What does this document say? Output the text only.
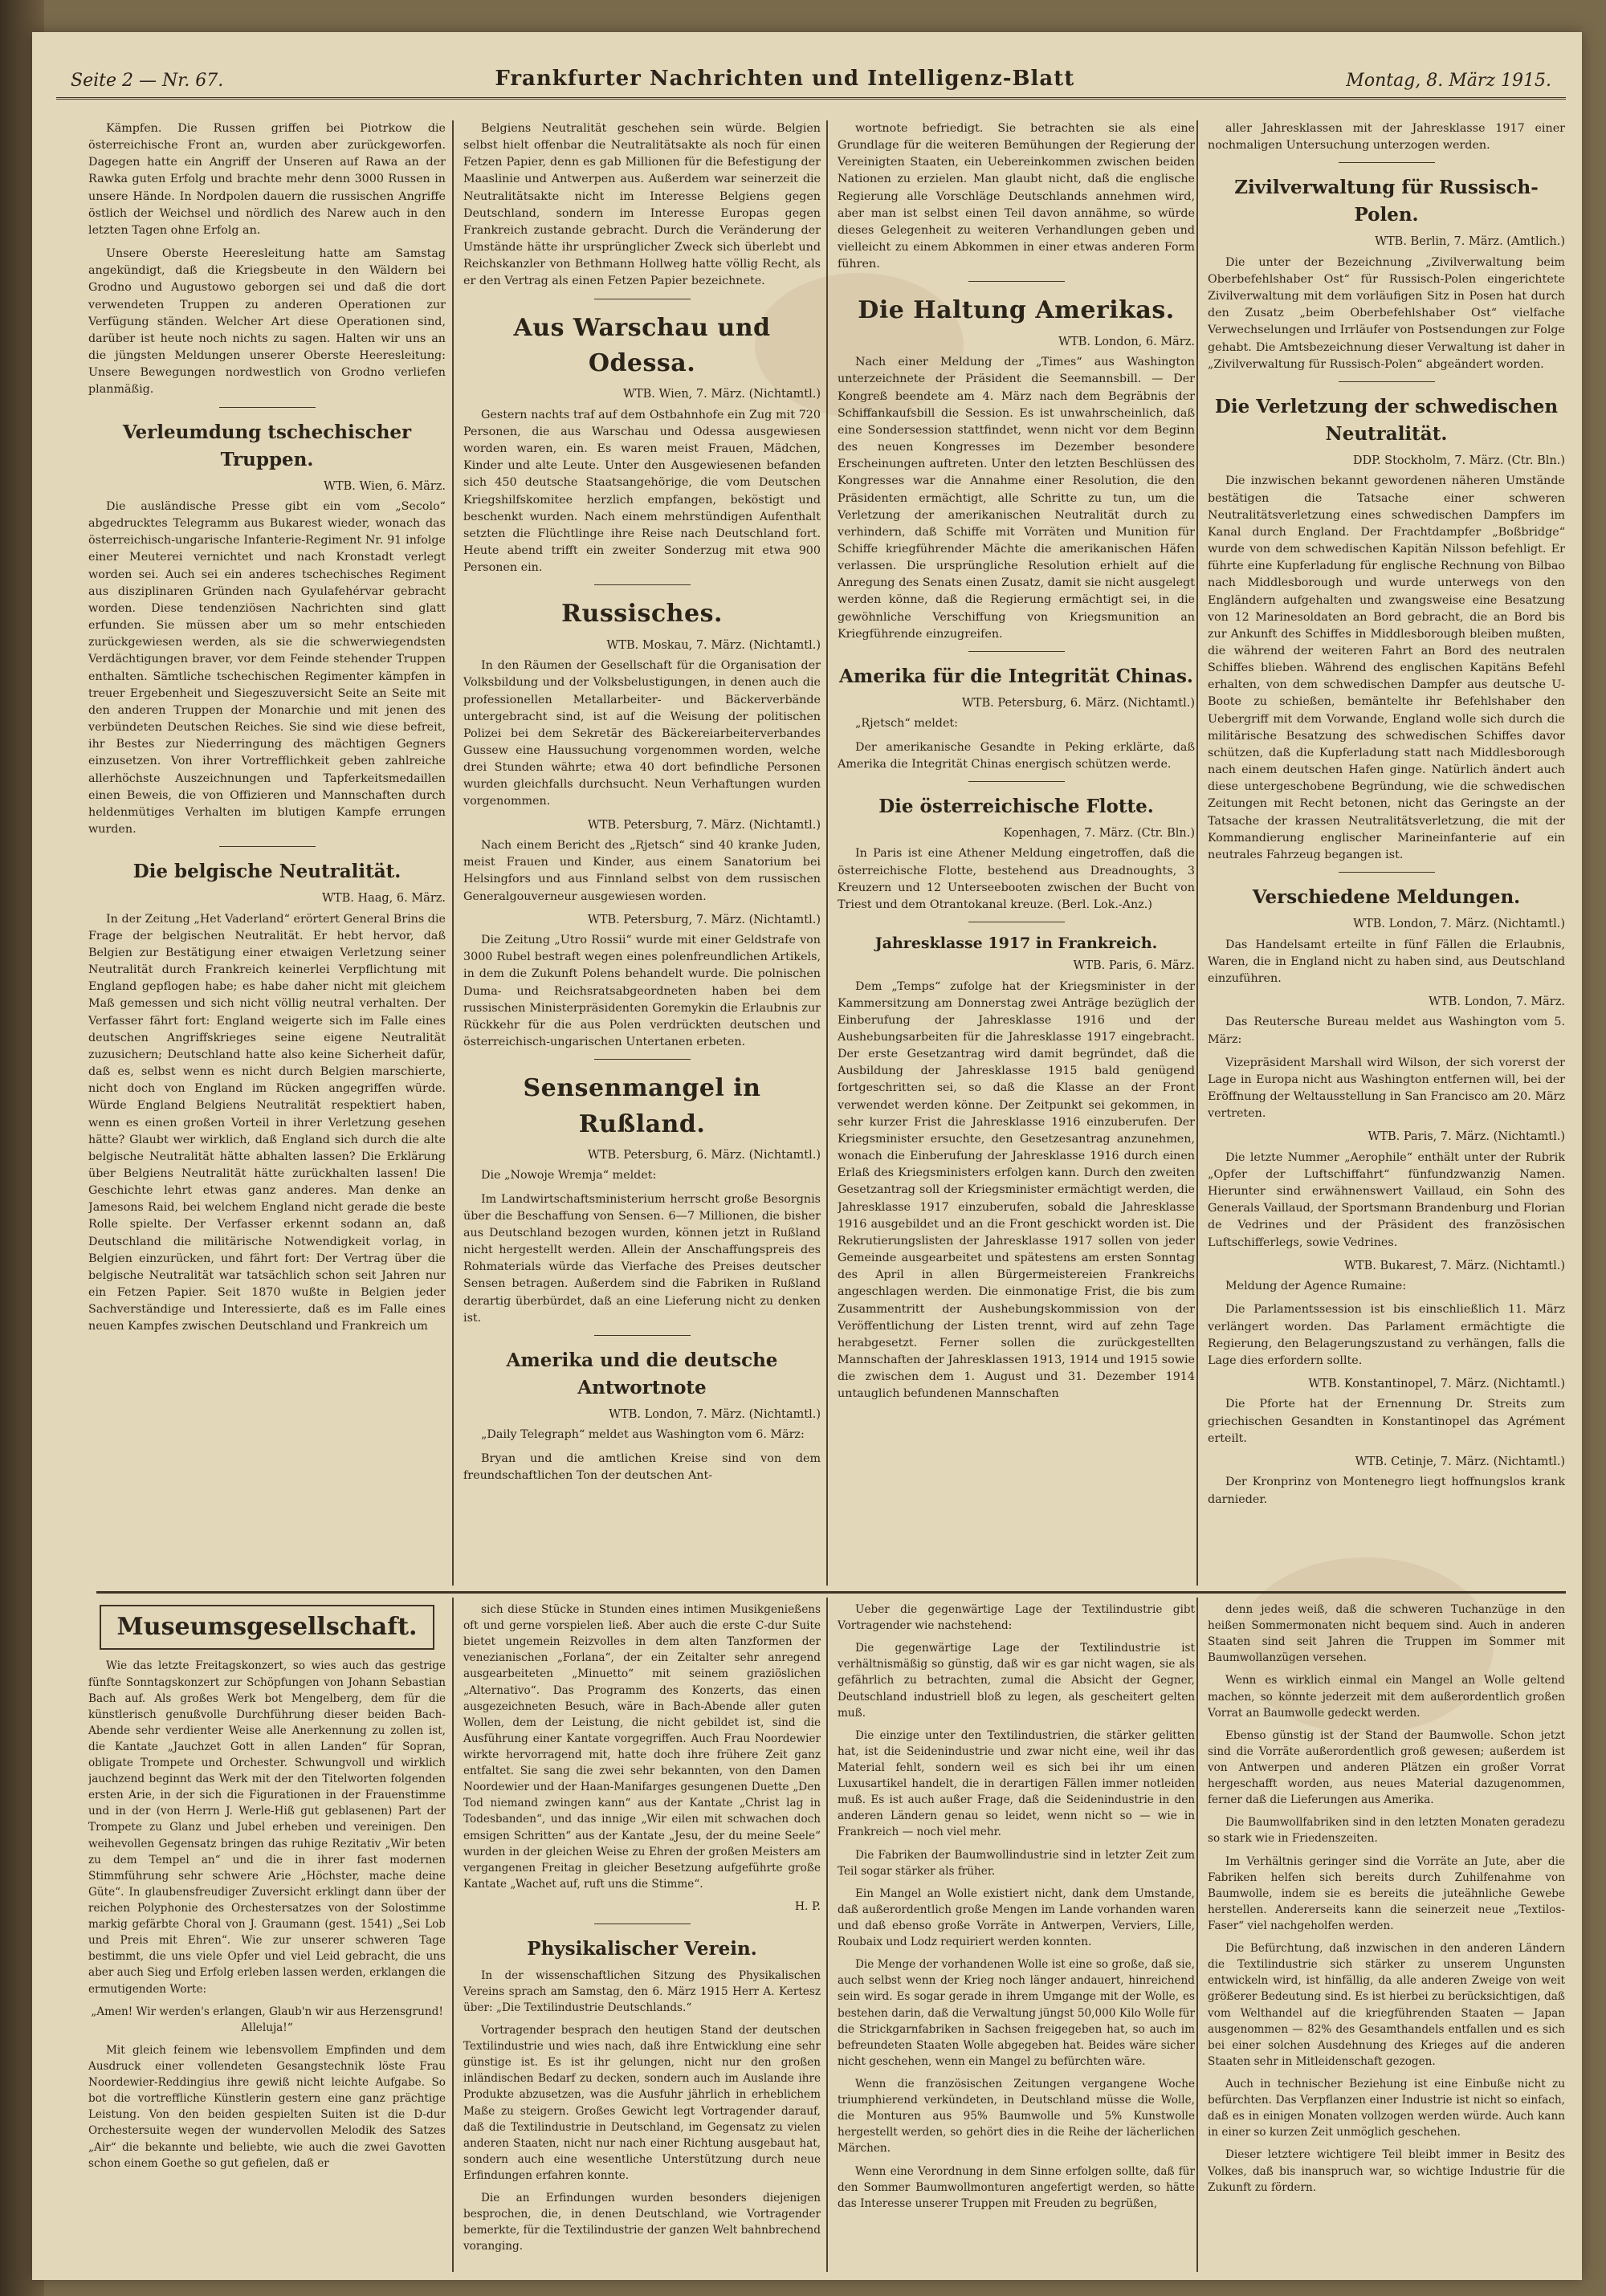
Seite 2 — Nr. 67.	Frankfurter Nachrichten und Intelligenz-Blatt	Montag, 8. März 1915.

Kämpfen. Die Russen griffen bei Piotrkow die österreichische Front an, wurden aber zurückgeworfen. Dagegen hatte ein Angriff der Unseren auf Rawa an der Rawka guten Erfolg und brachte mehr denn 3000 Russen in unsere Hände. In Nordpolen dauern die russischen Angriffe östlich der Weichsel und nördlich des Narew auch in den letzten Tagen ohne Erfolg an.

Unsere Oberste Heeresleitung hatte am Samstag angekündigt, daß die Kriegsbeute in den Wäldern bei Grodno und Augustowo geborgen sei und daß die dort verwendeten Truppen zu anderen Operationen zur Verfügung ständen. Welcher Art diese Operationen sind, darüber ist heute noch nichts zu sagen. Halten wir uns an die jüngsten Meldungen unserer Oberste Heeresleitung: Unsere Bewegungen nordwestlich von Grodno verliefen planmäßig.

Verleumdung tschechischer Truppen.
WTB. Wien, 6. März.

Die ausländische Presse gibt ein vom „Secolo“ abgedrucktes Telegramm aus Bukarest wieder, wonach das österreichisch-ungarische Infanterie-Regiment Nr. 91 infolge einer Meuterei vernichtet und nach Kronstadt verlegt worden sei. Auch sei ein anderes tschechisches Regiment aus disziplinaren Gründen nach Gyulafehérvar gebracht worden. Diese tendenziösen Nachrichten sind glatt erfunden. Sie müssen aber um so mehr entschieden zurückgewiesen werden, als sie die schwerwiegendsten Verdächtigungen braver, vor dem Feinde stehender Truppen enthalten. Sämtliche tschechischen Regimenter kämpfen in treuer Ergebenheit und Siegeszuversicht Seite an Seite mit den anderen Truppen der Monarchie und mit jenen des verbündeten Deutschen Reiches. Sie sind wie diese befreit, ihr Bestes zur Niederringung des mächtigen Gegners einzusetzen. Von ihrer Vortrefflichkeit geben zahlreiche allerhöchste Auszeichnungen und Tapferkeitsmedaillen einen Beweis, die von Offizieren und Mannschaften durch heldenmütiges Verhalten im blutigen Kampfe errungen wurden.

Die belgische Neutralität.
WTB. Haag, 6. März.

In der Zeitung „Het Vaderland“ erörtert General Brins die Frage der belgischen Neutralität. Er hebt hervor, daß Belgien zur Bestätigung einer etwaigen Verletzung seiner Neutralität durch Frankreich keinerlei Verpflichtung mit England gepflogen habe; es habe daher nicht mit gleichem Maß gemessen und sich nicht völlig neutral verhalten. Der Verfasser fährt fort: England weigerte sich im Falle eines deutschen Angriffskrieges seine eigene Neutralität zuzusichern; Deutschland hatte also keine Sicherheit dafür, daß es, selbst wenn es nicht durch Belgien marschierte, nicht doch von England im Rücken angegriffen würde. Würde England Belgiens Neutralität respektiert haben, wenn es einen großen Vorteil in ihrer Verletzung gesehen hätte? Glaubt wer wirklich, daß England sich durch die alte belgische Neutralität hätte abhalten lassen? Die Erklärung über Belgiens Neutralität hätte zurückhalten lassen! Die Geschichte lehrt etwas ganz anderes. Man denke an Jamesons Raid, bei welchem England nicht gerade die beste Rolle spielte. Der Verfasser erkennt sodann an, daß Deutschland die militärische Notwendigkeit vorlag, in Belgien einzurücken, und fährt fort: Der Vertrag über die belgische Neutralität war tatsächlich schon seit Jahren nur ein Fetzen Papier. Seit 1870 wußte in Belgien jeder Sachverständige und Interessierte, daß es im Falle eines neuen Kampfes zwischen Deutschland und Frankreich um

Belgiens Neutralität geschehen sein würde. Belgien selbst hielt offenbar die Neutralitätsakte als noch für einen Fetzen Papier, denn es gab Millionen für die Befestigung der Maaslinie und Antwerpen aus. Außerdem war seinerzeit die Neutralitätsakte nicht im Interesse Belgiens gegen Deutschland, sondern im Interesse Europas gegen Frankreich zustande gebracht. Durch die Veränderung der Umstände hätte ihr ursprünglicher Zweck sich überlebt und Reichskanzler von Bethmann Hollweg hatte völlig Recht, als er den Vertrag als einen Fetzen Papier bezeichnete.

Aus Warschau und Odessa.
WTB. Wien, 7. März. (Nichtamtl.)

Gestern nachts traf auf dem Ostbahnhofe ein Zug mit 720 Personen, die aus Warschau und Odessa ausgewiesen worden waren, ein. Es waren meist Frauen, Mädchen, Kinder und alte Leute. Unter den Ausgewiesenen befanden sich 450 deutsche Staatsangehörige, die vom Deutschen Kriegshilfskomitee herzlich empfangen, beköstigt und beschenkt wurden. Nach einem mehrstündigen Aufenthalt setzten die Flüchtlinge ihre Reise nach Deutschland fort. Heute abend trifft ein zweiter Sonderzug mit etwa 900 Personen ein.

Russisches.
WTB. Moskau, 7. März. (Nichtamtl.)

In den Räumen der Gesellschaft für die Organisation der Volksbildung und der Volksbelustigungen, in denen auch die professionellen Metallarbeiter- und Bäckerverbände untergebracht sind, ist auf die Weisung der politischen Polizei bei dem Sekretär des Bäckereiarbeiterverbandes Gussew eine Haussuchung vorgenommen worden, welche drei Stunden währte; etwa 40 dort befindliche Personen wurden gleichfalls durchsucht. Neun Verhaftungen wurden vorgenommen.

WTB. Petersburg, 7. März. (Nichtamtl.)

Nach einem Bericht des „Rjetsch“ sind 40 kranke Juden, meist Frauen und Kinder, aus einem Sanatorium bei Helsingfors und aus Finnland selbst von dem russischen Generalgouverneur ausgewiesen worden.

WTB. Petersburg, 7. März. (Nichtamtl.)

Die Zeitung „Utro Rossii“ wurde mit einer Geldstrafe von 3000 Rubel bestraft wegen eines polenfreundlichen Artikels, in dem die Zukunft Polens behandelt wurde. Die polnischen Duma- und Reichsratsabgeordneten haben bei dem russischen Ministerpräsidenten Goremykin die Erlaubnis zur Rückkehr für die aus Polen verdrückten deutschen und österreichisch-ungarischen Untertanen erbeten.

Sensenmangel in Rußland.
WTB. Petersburg, 6. März. (Nichtamtl.)

Die „Nowoje Wremja“ meldet:

Im Landwirtschaftsministerium herrscht große Besorgnis über die Beschaffung von Sensen. 6—7 Millionen, die bisher aus Deutschland bezogen wurden, können jetzt in Rußland nicht hergestellt werden. Allein der Anschaffungspreis des Rohmaterials würde das Vierfache des Preises deutscher Sensen betragen. Außerdem sind die Fabriken in Rußland derartig überbürdet, daß an eine Lieferung nicht zu denken ist.

Amerika und die deutsche Antwortnote
WTB. London, 7. März. (Nichtamtl.)

„Daily Telegraph“ meldet aus Washington vom 6. März:

Bryan und die amtlichen Kreise sind von dem freundschaftlichen Ton der deutschen Ant-

wortnote befriedigt. Sie betrachten sie als eine Grundlage für die weiteren Bemühungen der Regierung der Vereinigten Staaten, ein Uebereinkommen zwischen beiden Nationen zu erzielen. Man glaubt nicht, daß die englische Regierung alle Vorschläge Deutschlands annehmen wird, aber man ist selbst einen Teil davon annähme, so würde dieses Gelegenheit zu weiteren Verhandlungen geben und vielleicht zu einem Abkommen in einer etwas anderen Form führen.

Die Haltung Amerikas.
WTB. London, 6. März.

Nach einer Meldung der „Times“ aus Washington unterzeichnete der Präsident die Seemannsbill. — Der Kongreß beendete am 4. März nach dem Begräbnis der Schiffankaufsbill die Session. Es ist unwahrscheinlich, daß eine Sondersession stattfindet, wenn nicht vor dem Beginn des neuen Kongresses im Dezember besondere Erscheinungen auftreten. Unter den letzten Beschlüssen des Kongresses war die Annahme einer Resolution, die den Präsidenten ermächtigt, alle Schritte zu tun, um die Verletzung der amerikanischen Neutralität durch zu verhindern, daß Schiffe mit Vorräten und Munition für Schiffe kriegführender Mächte die amerikanischen Häfen verlassen. Die ursprüngliche Resolution erhielt auf die Anregung des Senats einen Zusatz, damit sie nicht ausgelegt werden könne, daß die Regierung ermächtigt sei, in die gewöhnliche Verschiffung von Kriegsmunition an Kriegführende einzugreifen.

Amerika für die Integrität Chinas.
WTB. Petersburg, 6. März. (Nichtamtl.)

„Rjetsch“ meldet:

Der amerikanische Gesandte in Peking erklärte, daß Amerika die Integrität Chinas energisch schützen werde.

Die österreichische Flotte.
Kopenhagen, 7. März. (Ctr. Bln.)

In Paris ist eine Athener Meldung eingetroffen, daß die österreichische Flotte, bestehend aus Dreadnoughts, 3 Kreuzern und 12 Unterseebooten zwischen der Bucht von Triest und dem Otrantokanal kreuze. (Berl. Lok.-Anz.)

Jahresklasse 1917 in Frankreich.
WTB. Paris, 6. März.

Dem „Temps“ zufolge hat der Kriegsminister in der Kammersitzung am Donnerstag zwei Anträge bezüglich der Einberufung der Jahresklasse 1916 und der Aushebungsarbeiten für die Jahresklasse 1917 eingebracht. Der erste Gesetzantrag wird damit begründet, daß die Ausbildung der Jahresklasse 1915 bald genügend fortgeschritten sei, so daß die Klasse an der Front verwendet werden könne. Der Zeitpunkt sei gekommen, in sehr kurzer Frist die Jahresklasse 1916 einzuberufen. Der Kriegsminister ersuchte, den Gesetzesantrag anzunehmen, wonach die Einberufung der Jahresklasse 1916 durch einen Erlaß des Kriegsministers erfolgen kann. Durch den zweiten Gesetzantrag soll der Kriegsminister ermächtigt werden, die Jahresklasse 1917 einzuberufen, sobald die Jahresklasse 1916 ausgebildet und an die Front geschickt worden ist. Die Rekrutierungslisten der Jahresklasse 1917 sollen von jeder Gemeinde ausgearbeitet und spätestens am ersten Sonntag des April in allen Bürgermeistereien Frankreichs angeschlagen werden. Die einmonatige Frist, die bis zum Zusammentritt der Aushebungskommission von der Veröffentlichung der Listen trennt, wird auf zehn Tage herabgesetzt. Ferner sollen die zurückgestellten Mannschaften der Jahresklassen 1913, 1914 und 1915 sowie die zwischen dem 1. August und 31. Dezember 1914 untauglich befundenen Mannschaften

aller Jahresklassen mit der Jahresklasse 1917 einer nochmaligen Untersuchung unterzogen werden.

Zivilverwaltung für Russisch-Polen.
WTB. Berlin, 7. März. (Amtlich.)

Die unter der Bezeichnung „Zivilverwaltung beim Oberbefehlshaber Ost“ für Russisch-Polen eingerichtete Zivilverwaltung mit dem vorläufigen Sitz in Posen hat durch den Zusatz „beim Oberbefehlshaber Ost“ vielfache Verwechselungen und Irrläufer von Postsendungen zur Folge gehabt. Die Amtsbezeichnung dieser Verwaltung ist daher in „Zivilverwaltung für Russisch-Polen“ abgeändert worden.

Die Verletzung der schwedischen Neutralität.
DDP. Stockholm, 7. März. (Ctr. Bln.)

Die inzwischen bekannt gewordenen näheren Umstände bestätigen die Tatsache einer schweren Neutralitätsverletzung eines schwedischen Dampfers im Kanal durch England. Der Frachtdampfer „Boßbridge“ wurde von dem schwedischen Kapitän Nilsson befehligt. Er führte eine Kupferladung für englische Rechnung von Bilbao nach Middlesborough und wurde unterwegs von den Engländern aufgehalten und zwangsweise eine Besatzung von 12 Marinesoldaten an Bord gebracht, die an Bord bis zur Ankunft des Schiffes in Middlesborough bleiben mußten, die während der weiteren Fahrt an Bord des neutralen Schiffes blieben. Während des englischen Kapitäns Befehl erhalten, von dem schwedischen Dampfer aus deutsche U-Boote zu schießen, bemäntelte ihr Befehlshaber den Uebergriff mit dem Vorwande, England wolle sich durch die militärische Besatzung des schwedischen Schiffes davor schützen, daß die Kupferladung statt nach Middlesborough nach einem deutschen Hafen ginge. Natürlich ändert auch diese untergeschobene Begründung, wie die schwedischen Zeitungen mit Recht betonen, nicht das Geringste an der Tatsache der krassen Neutralitätsverletzung, die mit der Kommandierung englischer Marineinfanterie auf ein neutrales Fahrzeug begangen ist.

Verschiedene Meldungen.
WTB. London, 7. März. (Nichtamtl.)

Das Handelsamt erteilte in fünf Fällen die Erlaubnis, Waren, die in England nicht zu haben sind, aus Deutschland einzuführen.

WTB. London, 7. März.

Das Reutersche Bureau meldet aus Washington vom 5. März:

Vizepräsident Marshall wird Wilson, der sich vorerst der Lage in Europa nicht aus Washington entfernen will, bei der Eröffnung der Weltausstellung in San Francisco am 20. März vertreten.

WTB. Paris, 7. März. (Nichtamtl.)

Die letzte Nummer „Aerophile“ enthält unter der Rubrik „Opfer der Luftschiffahrt“ fünfundzwanzig Namen. Hierunter sind erwähnenswert Vaillaud, ein Sohn des Generals Vaillaud, der Sportsmann Brandenburg und Florian de Vedrines und der Präsident des französischen Luftschifferlegs, sowie Vedrines.

WTB. Bukarest, 7. März. (Nichtamtl.)

Meldung der Agence Rumaine:

Die Parlamentssession ist bis einschließlich 11. März verlängert worden. Das Parlament ermächtigte die Regierung, den Belagerungszustand zu verhängen, falls die Lage dies erfordern sollte.

WTB. Konstantinopel, 7. März. (Nichtamtl.)

Die Pforte hat der Ernennung Dr. Streits zum griechischen Gesandten in Konstantinopel das Agrément erteilt.

WTB. Cetinje, 7. März. (Nichtamtl.)

Der Kronprinz von Montenegro liegt hoffnungslos krank darnieder.

Museumsgesellschaft.

Wie das letzte Freitagskonzert, so wies auch das gestrige fünfte Sonntagskonzert zur Schöpfungen von Johann Sebastian Bach auf. Als großes Werk bot Mengelberg, dem für die künstlerisch genußvolle Durchführung dieser beiden Bach-Abende sehr verdienter Weise alle Anerkennung zu zollen ist, die Kantate „Jauchzet Gott in allen Landen“ für Sopran, obligate Trompete und Orchester. Schwungvoll und wirklich jauchzend beginnt das Werk mit der den Titelworten folgenden ersten Arie, in der sich die Figurationen in der Frauenstimme und in der (von Herrn J. Werle-Hiß gut geblasenen) Part der Trompete zu Glanz und Jubel erheben und vereinigen. Den weihevollen Gegensatz bringen das ruhige Rezitativ „Wir beten zu dem Tempel an“ und die in ihrer fast modernen Stimmführung sehr schwere Arie „Höchster, mache deine Güte“. In glaubensfreudiger Zuversicht erklingt dann über der reichen Polyphonie des Orchestersatzes von der Solostimme markig gefärbte Choral von J. Graumann (gest. 1541) „Sei Lob und Preis mit Ehren“. Wie zur unserer schweren Tage bestimmt, die uns viele Opfer und viel Leid gebracht, die uns aber auch Sieg und Erfolg erleben lassen werden, erklangen die ermutigenden Worte:

„Amen! Wir werden's erlangen, Glaub'n wir aus Herzensgrund! Alleluja!“

Mit gleich feinem wie lebensvollem Empfinden und dem Ausdruck einer vollendeten Gesangstechnik löste Frau Noordewier-Reddingius ihre gewiß nicht leichte Aufgabe. So bot die vortreffliche Künstlerin gestern eine ganz prächtige Leistung. Von den beiden gespielten Suiten ist die D-dur Orchestersuite wegen der wundervollen Melodik des Satzes „Air“ die bekannte und beliebte, wie auch die zwei Gavotten schon einem Goethe so gut gefielen, daß er

sich diese Stücke in Stunden eines intimen Musikgenießens oft und gerne vorspielen ließ. Aber auch die erste C-dur Suite bietet ungemein Reizvolles in dem alten Tanzformen der venezianischen „Forlana“, der ein Zeitalter sehr anregend ausgearbeiteten „Minuetto“ mit seinem graziöslichen „Alternativo“. Das Programm des Konzerts, das einen ausgezeichneten Besuch, wäre in Bach-Abende aller guten Wollen, dem der Leistung, die nicht gebildet ist, sind die Ausführung einer Kantate vorgegriffen. Auch Frau Noordewier wirkte hervorragend mit, hatte doch ihre frühere Zeit ganz entfaltet. Sie sang die zwei sehr bekannten, von den Damen Noordewier und der Haan-Manifarges gesungenen Duette „Den Tod niemand zwingen kann“ aus der Kantate „Christ lag in Todesbanden“, und das innige „Wir eilen mit schwachen doch emsigen Schritten“ aus der Kantate „Jesu, der du meine Seele“ wurden in der gleichen Weise zu Ehren der großen Meisters am vergangenen Freitag in gleicher Besetzung aufgeführte große Kantate „Wachet auf, ruft uns die Stimme“.

H. P.
Physikalischer Verein.

In der wissenschaftlichen Sitzung des Physikalischen Vereins sprach am Samstag, den 6. März 1915 Herr A. Kertesz über: „Die Textilindustrie Deutschlands.“

Vortragender besprach den heutigen Stand der deutschen Textilindustrie und wies nach, daß ihre Entwicklung eine sehr günstige ist. Es ist ihr gelungen, nicht nur den großen inländischen Bedarf zu decken, sondern auch im Auslande ihre Produkte abzusetzen, was die Ausfuhr jährlich in erheblichem Maße zu steigern. Großes Gewicht legt Vortragender darauf, daß die Textilindustrie in Deutschland, im Gegensatz zu vielen anderen Staaten, nicht nur nach einer Richtung ausgebaut hat, sondern auch eine wesentliche Unterstützung durch neue Erfindungen erfahren konnte.

Die an Erfindungen wurden besonders diejenigen besprochen, die, in denen Deutschland, wie Vortragender bemerkte, für die Textilindustrie der ganzen Welt bahnbrechend voranging.

Ueber die gegenwärtige Lage der Textilindustrie gibt Vortragender wie nachstehend:

Die gegenwärtige Lage der Textilindustrie ist verhältnismäßig so günstig, daß wir es gar nicht wagen, sie als gefährlich zu betrachten, zumal die Absicht der Gegner, Deutschland industriell bloß zu legen, als gescheitert gelten muß.

Die einzige unter den Textilindustrien, die stärker gelitten hat, ist die Seidenindustrie und zwar nicht eine, weil ihr das Material fehlt, sondern weil es sich bei ihr um einen Luxusartikel handelt, die in derartigen Fällen immer notleiden muß. Es ist auch außer Frage, daß die Seidenindustrie in den anderen Ländern genau so leidet, wenn nicht so — wie in Frankreich — noch viel mehr.

Die Fabriken der Baumwollindustrie sind in letzter Zeit zum Teil sogar stärker als früher.

Ein Mangel an Wolle existiert nicht, dank dem Umstande, daß außerordentlich große Mengen im Lande vorhanden waren und daß ebenso große Vorräte in Antwerpen, Verviers, Lille, Roubaix und Lodz requiriert werden konnten.

Die Menge der vorhandenen Wolle ist eine so große, daß sie, auch selbst wenn der Krieg noch länger andauert, hinreichend sein wird. Es sogar gerade in ihrem Umgange mit der Wolle, es bestehen darin, daß die Verwaltung jüngst 50,000 Kilo Wolle für die Strickgarnfabriken in Sachsen freigegeben hat, so auch im befreundeten Staaten Wolle abgegeben hat. Beides wäre sicher nicht geschehen, wenn ein Mangel zu befürchten wäre.

Wenn die französischen Zeitungen vergangene Woche triumphierend verkündeten, in Deutschland müsse die Wolle, die Monturen aus 95% Baumwolle und 5% Kunstwolle hergestellt werden, so gehört dies in die Reihe der lächerlichen Märchen.

Wenn eine Verordnung in dem Sinne erfolgen sollte, daß für den Sommer Baumwollmonturen angefertigt werden, so hätte das Interesse unserer Truppen mit Freuden zu begrüßen,

denn jedes weiß, daß die schweren Tuchanzüge in den heißen Sommermonaten nicht bequem sind. Auch in anderen Staaten sind seit Jahren die Truppen im Sommer mit Baumwollanzügen versehen.

Wenn es wirklich einmal ein Mangel an Wolle geltend machen, so könnte jederzeit mit dem außerordentlich großen Vorrat an Baumwolle gedeckt werden.

Ebenso günstig ist der Stand der Baumwolle. Schon jetzt sind die Vorräte außerordentlich groß gewesen; außerdem ist von Antwerpen und anderen Plätzen ein großer Vorrat hergeschafft worden, aus neues Material dazugenommen, ferner daß die Lieferungen aus Amerika.

Die Baumwollfabriken sind in den letzten Monaten geradezu so stark wie in Friedenszeiten.

Im Verhältnis geringer sind die Vorräte an Jute, aber die Fabriken helfen sich bereits durch Zuhilfenahme von Baumwolle, indem sie es bereits die juteähnliche Gewebe herstellen. Andererseits kann die seinerzeit neue „Textilos-Faser“ viel nachgeholfen werden.

Die Befürchtung, daß inzwischen in den anderen Ländern die Textilindustrie sich stärker zu unserem Ungunsten entwickeln wird, ist hinfällig, da alle anderen Zweige von weit größerer Bedeutung sind. Es ist hierbei zu berücksichtigen, daß vom Welthandel auf die kriegführenden Staaten — Japan ausgenommen — 82% des Gesamthandels entfallen und es sich bei einer solchen Ausdehnung des Krieges auf die anderen Staaten sehr in Mitleidenschaft gezogen.

Auch in technischer Beziehung ist eine Einbuße nicht zu befürchten. Das Verpflanzen einer Industrie ist nicht so einfach, daß es in einigen Monaten vollzogen werden würde. Auch kann in einer so kurzen Zeit unmöglich geschehen.

Dieser letztere wichtigere Teil bleibt immer in Besitz des Volkes, daß bis inanspruch war, so wichtige Industrie für die Zukunft zu fördern.
